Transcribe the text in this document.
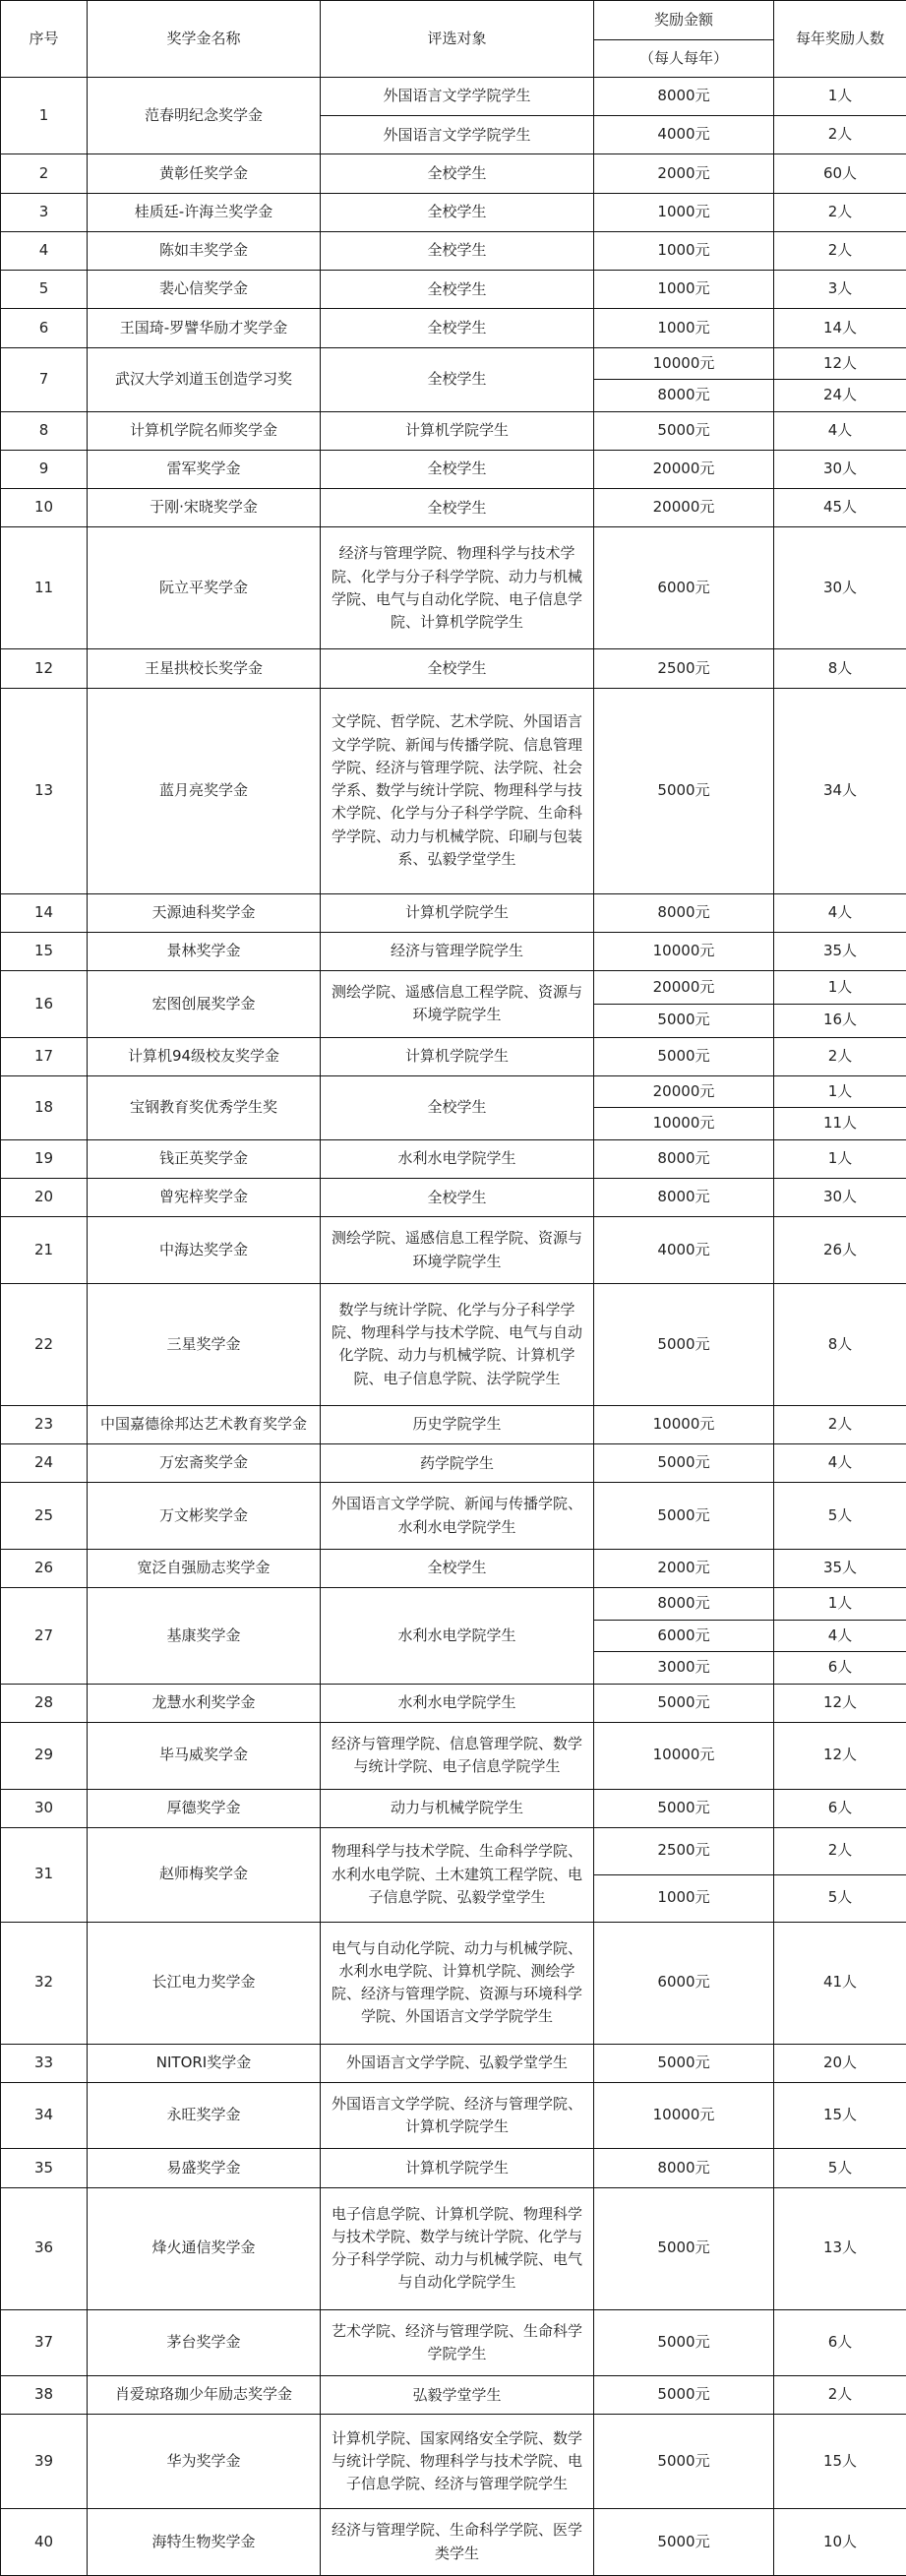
序号	奖学金名称	评选对象	奖励金额	每年奖励人数
			（每人每年）	
1	范春明纪念奖学金	外国语言文学学院学生	8000元	1人
		外国语言文学学院学生	4000元	2人
2	黄彰任奖学金	全校学生	2000元	60人
3	桂质廷-许海兰奖学金	全校学生	1000元	2人
4	陈如丰奖学金	全校学生	1000元	2人
5	裴心信奖学金	全校学生	1000元	3人
6	王国琦-罗譬华励才奖学金	全校学生	1000元	14人
7	武汉大学刘道玉创造学习奖	全校学生	10000元	12人
			8000元	24人
8	计算机学院名师奖学金	计算机学院学生	5000元	4人
9	雷军奖学金	全校学生	20000元	30人
10	于刚·宋晓奖学金	全校学生	20000元	45人
11	阮立平奖学金	经济与管理学院、物理科学与技术学院、化学与分子科学学院、动力与机械学院、电气与自动化学院、电子信息学院、计算机学院学生	6000元	30人
12	王星拱校长奖学金	全校学生	2500元	8人
13	蓝月亮奖学金	文学院、哲学院、艺术学院、外国语言文学学院、新闻与传播学院、信息管理学院、经济与管理学院、法学院、社会学系、数学与统计学院、物理科学与技术学院、化学与分子科学学院、生命科学学院、动力与机械学院、印刷与包装系、弘毅学堂学生	5000元	34人
14	天源迪科奖学金	计算机学院学生	8000元	4人
15	景林奖学金	经济与管理学院学生	10000元	35人
16	宏图创展奖学金	测绘学院、遥感信息工程学院、资源与环境学院学生	20000元	1人
			5000元	16人
17	计算机94级校友奖学金	计算机学院学生	5000元	2人
18	宝钢教育奖优秀学生奖	全校学生	20000元	1人
			10000元	11人
19	钱正英奖学金	水利水电学院学生	8000元	1人
20	曾宪梓奖学金	全校学生	8000元	30人
21	中海达奖学金	测绘学院、遥感信息工程学院、资源与环境学院学生	4000元	26人
22	三星奖学金	数学与统计学院、化学与分子科学学院、物理科学与技术学院、电气与自动化学院、动力与机械学院、计算机学院、电子信息学院、法学院学生	5000元	8人
23	中国嘉德徐邦达艺术教育奖学金	历史学院学生	10000元	2人
24	万宏斋奖学金	药学院学生	5000元	4人
25	万文彬奖学金	外国语言文学学院、新闻与传播学院、水利水电学院学生	5000元	5人
26	宽泛自强励志奖学金	全校学生	2000元	35人
27	基康奖学金	水利水电学院学生	8000元	1人
			6000元	4人
			3000元	6人
28	龙慧水利奖学金	水利水电学院学生	5000元	12人
29	毕马威奖学金	经济与管理学院、信息管理学院、数学与统计学院、电子信息学院学生	10000元	12人
30	厚德奖学金	动力与机械学院学生	5000元	6人
31	赵师梅奖学金	物理科学与技术学院、生命科学学院、水利水电学院、土木建筑工程学院、电子信息学院、弘毅学堂学生	2500元	2人
			1000元	5人
32	长江电力奖学金	电气与自动化学院、动力与机械学院、水利水电学院、计算机学院、测绘学院、经济与管理学院、资源与环境科学学院、外国语言文学学院学生	6000元	41人
33	NITORI奖学金	外国语言文学学院、弘毅学堂学生	5000元	20人
34	永旺奖学金	外国语言文学学院、经济与管理学院、计算机学院学生	10000元	15人
35	易盛奖学金	计算机学院学生	8000元	5人
36	烽火通信奖学金	电子信息学院、计算机学院、物理科学与技术学院、数学与统计学院、化学与分子科学学院、动力与机械学院、电气与自动化学院学生	5000元	13人
37	茅台奖学金	艺术学院、经济与管理学院、生命科学学院学生	5000元	6人
38	肖爱琼珞珈少年励志奖学金	弘毅学堂学生	5000元	2人
39	华为奖学金	计算机学院、国家网络安全学院、数学与统计学院、物理科学与技术学院、电子信息学院、经济与管理学院学生	5000元	15人
40	海特生物奖学金	经济与管理学院、生命科学学院、医学类学生	5000元	10人
